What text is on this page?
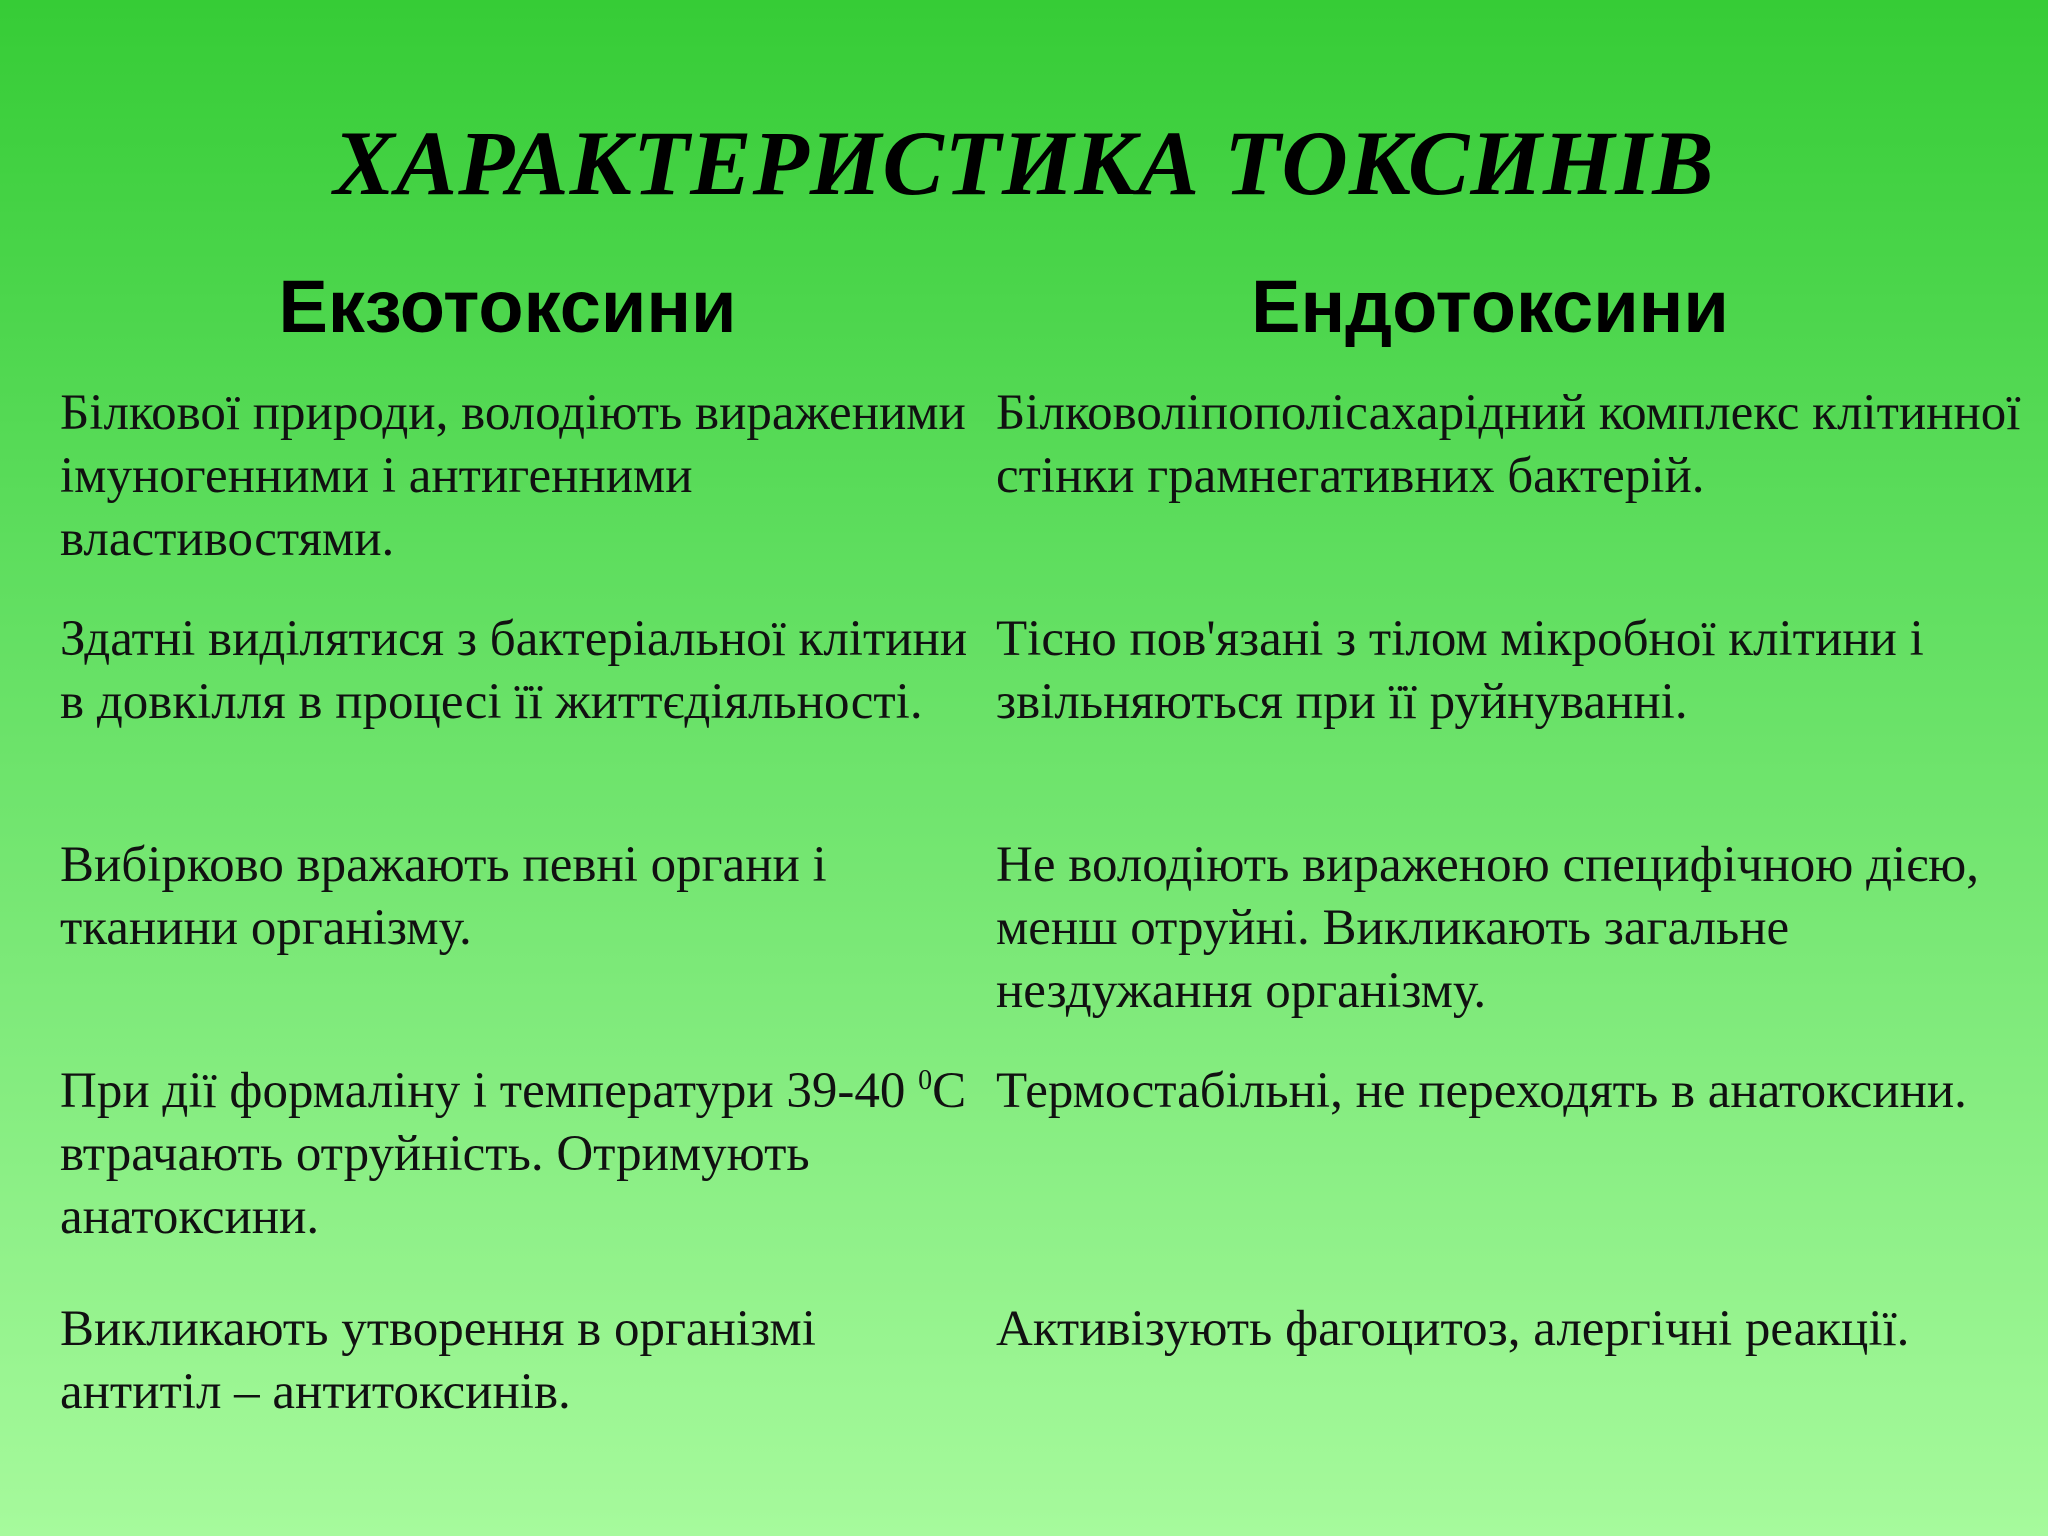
ХАРАКТЕРИСТИКА ТОКСИНІВ
Екзотоксини	Ендотоксини

Білкової природи, володіють вираженими імуногенними і антигенними властивостями.

Білковоліпополісахарідний комплекс клітинної стінки грамнегативних бактерій.

Здатні виділятися з бактеріальної клітини в довкілля в процесі її життєдіяльності.

Тісно пов'язані з тілом мікробної клітини і звільняються при її руйнуванні.

Вибірково вражають певні органи і тканини організму.

Не володіють вираженою специфічною дією, менш отруйні. Викликають загальне нездужання організму.

При дії формаліну і температури 39-40 $^0$С втрачають отруйність. Отримують анатоксини.

Термостабільні, не переходять в анатоксини.

Викликають утворення в організмі антитіл – антитоксинів.

Активізують фагоцитоз, алергічні реакції.
